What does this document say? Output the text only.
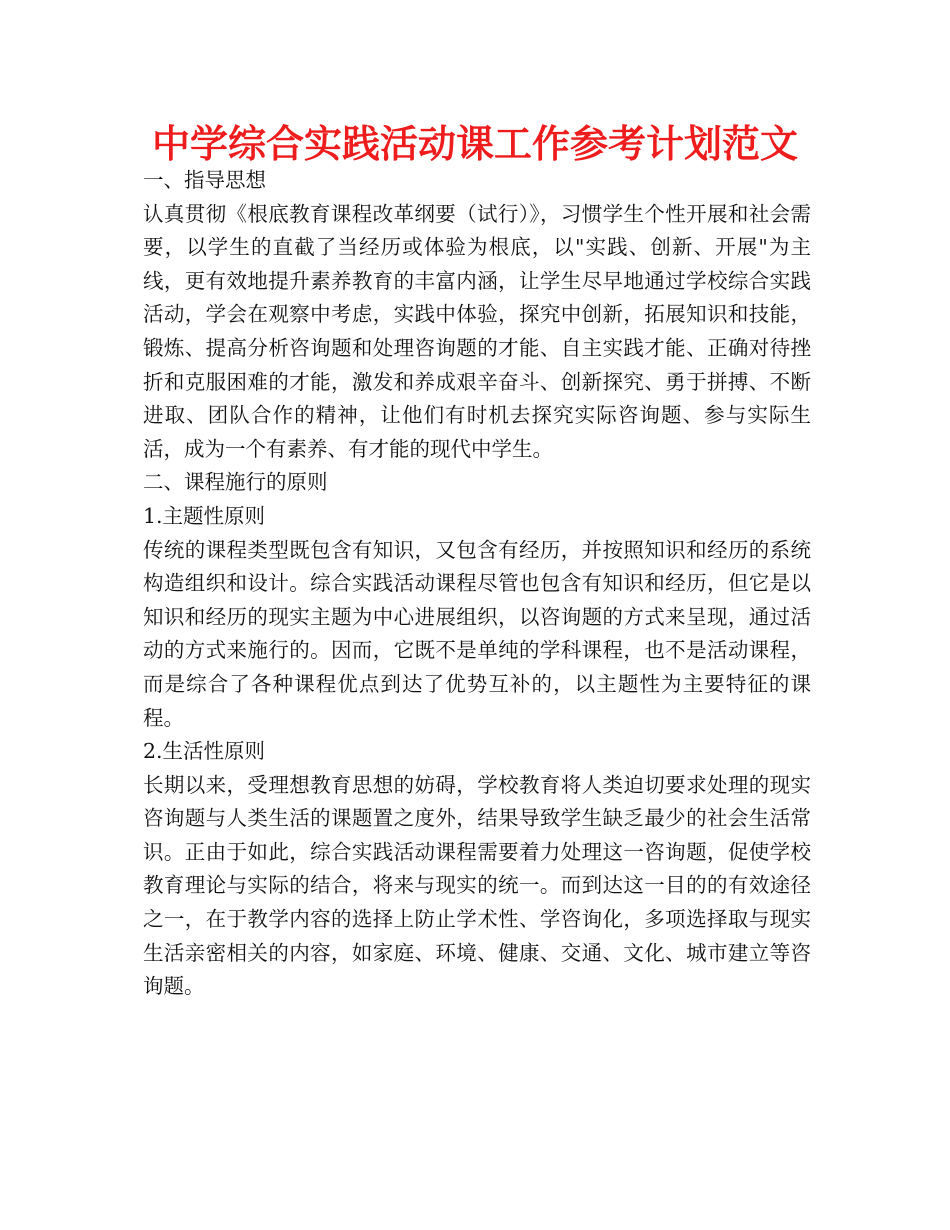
中学综合实践活动课工作参考计划范文

一、指导思想

认真贯彻《根底教育课程改革纲要（试行）》，习惯学生个性开展和社会需要，以学生的直截了当经历或体验为根底，以"实践、创新、开展"为主线，更有效地提升素养教育的丰富内涵，让学生尽早地通过学校综合实践活动，学会在观察中考虑，实践中体验，探究中创新，拓展知识和技能，锻炼、提高分析咨询题和处理咨询题的才能、自主实践才能、正确对待挫折和克服困难的才能，激发和养成艰辛奋斗、创新探究、勇于拼搏、不断进取、团队合作的精神，让他们有时机去探究实际咨询题、参与实际生活，成为一个有素养、有才能的现代中学生。

二、课程施行的原则

1.主题性原则

传统的课程类型既包含有知识，又包含有经历，并按照知识和经历的系统构造组织和设计。综合实践活动课程尽管也包含有知识和经历，但它是以知识和经历的现实主题为中心进展组织，以咨询题的方式来呈现，通过活动的方式来施行的。因而，它既不是单纯的学科课程，也不是活动课程，而是综合了各种课程优点到达了优势互补的，以主题性为主要特征的课程。

2.生活性原则

长期以来，受理想教育思想的妨碍，学校教育将人类迫切要求处理的现实咨询题与人类生活的课题置之度外，结果导致学生缺乏最少的社会生活常识。正由于如此，综合实践活动课程需要着力处理这一咨询题，促使学校教育理论与实际的结合，将来与现实的统一。而到达这一目的的有效途径之一，在于教学内容的选择上防止学术性、学咨询化，多项选择取与现实生活亲密相关的内容，如家庭、环境、健康、交通、文化、城市建立等咨询题。
